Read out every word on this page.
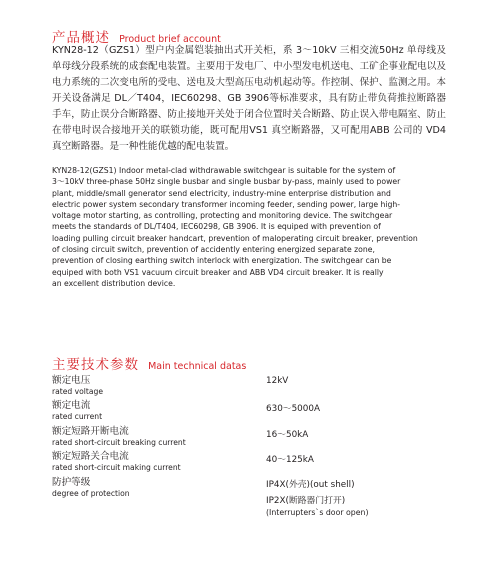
产品概述 Product brief account

KYN28-12（GZS1）型户内金属铠装抽出式开关柜，系 3～10kV 三相交流50Hz 单母线及单母线分段系统的成套配电装置。主要用于发电厂、中小型发电机送电、工矿企事业配电以及电力系统的二次变电所的受电、送电及大型高压电动机起动等。作控制、保护、监测之用。本开关设备满足 DL／T404，IEC60298、GB 3906等标准要求，具有防止带负荷推拉断路器手车，防止误分合断路器、防止接地开关处于闭合位置时关合断路、防止误入带电隔室、防止在带电时误合接地开关的联锁功能，既可配用VS1 真空断路器，又可配用ABB 公司的 VD4 真空断路器。是一种性能优越的配电装置。

KYN28-12(GZS1) Indoor metal-clad withdrawable switchgear is suitable for the system of
3～10kV three-phase 50Hz single busbar and single busbar by-pass, mainly used to power
plant, middle/small generator send electricity, industry-mine enterprise distribution and
electric power system secondary transformer incoming feeder, sending power, large high-
voltage motor starting, as controlling, protecting and monitoring device. The switchgear
meets the standards of DL/T404, IEC60298, GB 3906. It is equiped with prevention of
loading pulling circuit breaker handcart, prevention of maloperating circuit breaker, prevention
of closing circuit switch, prevention of accidently entering energized separate zone,
prevention of closing earthing switch interlock with energization. The switchgear can be
equiped with both VS1 vacuum circuit breaker and ABB VD4 circuit breaker. It is really
an excellent distribution device.
主要技术参数 Main technical datas
额定电压
rated voltage
12kV
额定电流
rated current
630～5000A
额定短路开断电流
rated short-circuit breaking current
16～50kA
额定短路关合电流
rated short-circuit making current
40～125kA
防护等级
degree of protection
IP4X(外壳)(out shell)
IP2X(断路器门打开)
(Interrupters`s door open)
